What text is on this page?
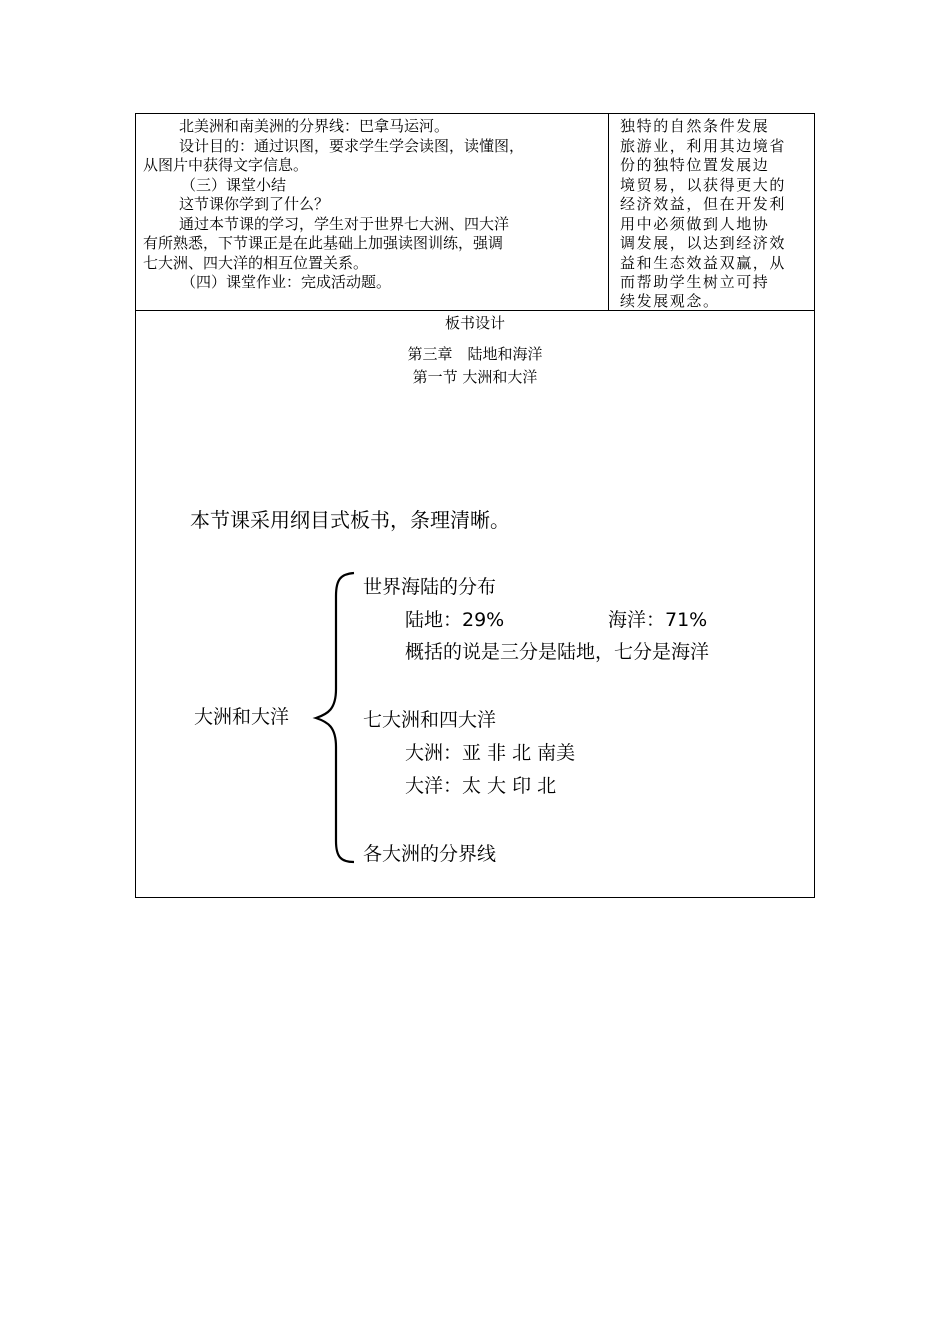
北美洲和南美洲的分界线：巴拿马运河。
设计目的：通过识图，要求学生学会读图，读懂图，
从图片中获得文字信息。
（三）课堂小结
这节课你学到了什么？
通过本节课的学习，学生对于世界七大洲、四大洋
有所熟悉，下节课正是在此基础上加强读图训练，强调
七大洲、四大洋的相互位置关系。
（四）课堂作业：完成活动题。
独特的自然条件发展
旅游业，利用其边境省
份的独特位置发展边
境贸易，以获得更大的
经济效益，但在开发利
用中必须做到人地协
调发展，以达到经济效
益和生态效益双赢，从
而帮助学生树立可持
续发展观念。
板书设计
第三章　陆地和海洋
第一节 大洲和大洋
本节课采用纲目式板书，条理清晰。
大洲和大洋
世界海陆的分布
陆地：29%	海洋：71%
概括的说是三分是陆地，七分是海洋
七大洲和四大洋
大洲：亚 非 北 南美
大洋：太 大 印 北
各大洲的分界线
